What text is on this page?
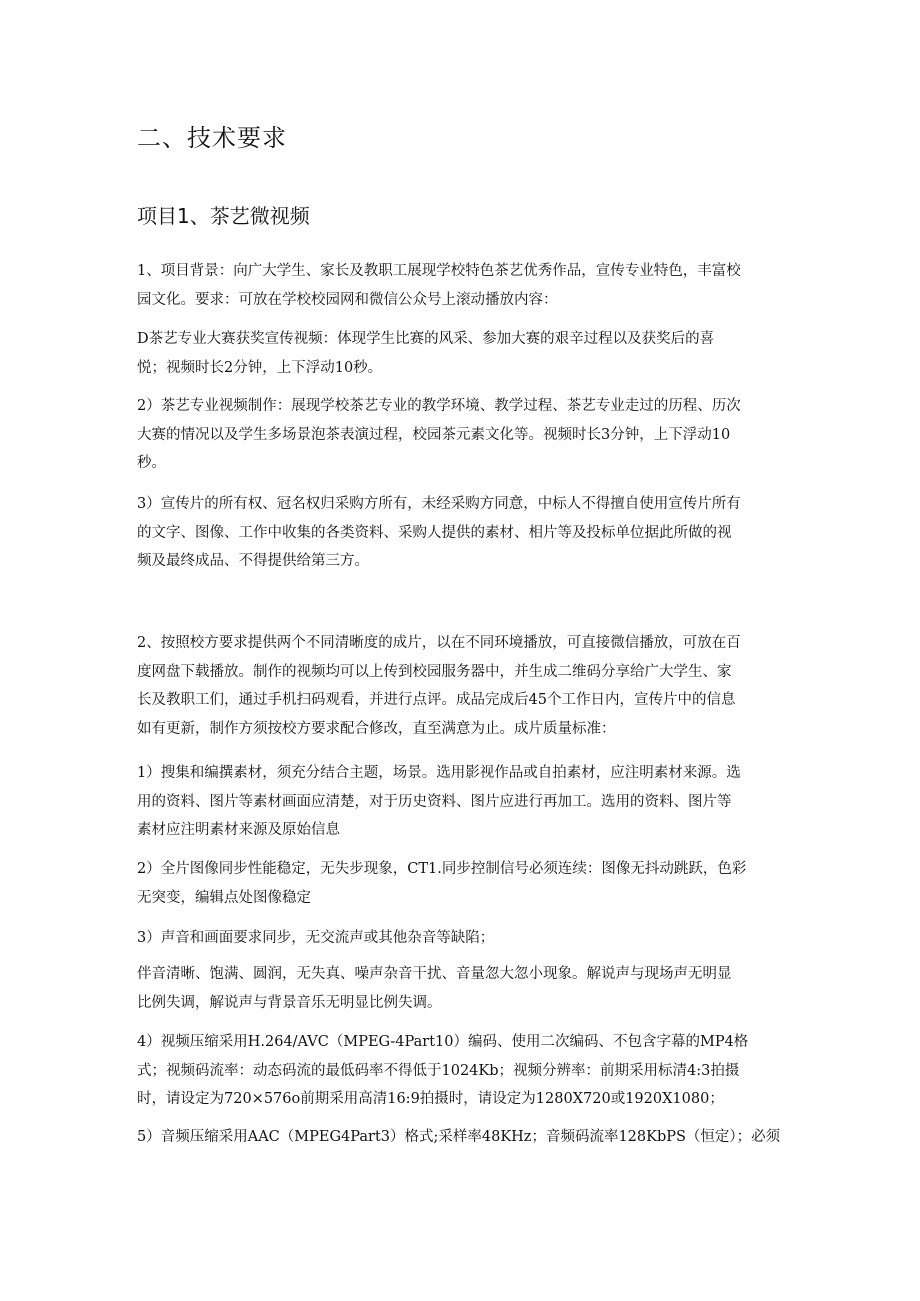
二、技术要求
项目1、茶艺微视频
1、项目背景：向广大学生、家长及教职工展现学校特色茶艺优秀作品，宣传专业特色，丰富校
园文化。要求：可放在学校校园网和微信公众号上滚动播放内容：
D茶艺专业大赛获奖宣传视频：体现学生比赛的风采、参加大赛的艰辛过程以及获奖后的喜
悦；视频时长2分钟，上下浮动10秒。
2）茶艺专业视频制作：展现学校茶艺专业的教学环境、教学过程、茶艺专业走过的历程、历次
大赛的情况以及学生多场景泡茶表演过程，校园茶元素文化等。视频时长3分钟，上下浮动10
秒。
3）宣传片的所有权、冠名权归采购方所有，未经采购方同意，中标人不得擅自使用宣传片所有
的文字、图像、工作中收集的各类资料、采购人提供的素材、相片等及投标单位据此所做的视
频及最终成品、不得提供给第三方。
2、按照校方要求提供两个不同清晰度的成片，以在不同环境播放，可直接微信播放，可放在百
度网盘下载播放。制作的视频均可以上传到校园服务器中，并生成二维码分享给广大学生、家
长及教职工们，通过手机扫码观看，并进行点评。成品完成后45个工作日内，宣传片中的信息
如有更新，制作方须按校方要求配合修改，直至满意为止。成片质量标准：
1）搜集和编撰素材，须充分结合主题，场景。选用影视作品或自拍素材，应注明素材来源。选
用的资料、图片等素材画面应清楚，对于历史资料、图片应进行再加工。选用的资料、图片等
素材应注明素材来源及原始信息
2）全片图像同步性能稳定，无失步现象，CT1.同步控制信号必须连续：图像无抖动跳跃，色彩
无突变，编辑点处图像稳定
3）声音和画面要求同步，无交流声或其他杂音等缺陷；
伴音清晰、饱满、圆润，无失真、噪声杂音干扰、音量忽大忽小现象。解说声与现场声无明显
比例失调，解说声与背景音乐无明显比例失调。
4）视频压缩采用H.264/AVC（MPEG-4Part10）编码、使用二次编码、不包含字幕的MP4格
式；视频码流率：动态码流的最低码率不得低于1024Kb；视频分辨率：前期采用标清4:3拍摄
时，请设定为720×576o前期采用高清16:9拍摄时，请设定为1280X720或1920X1080；
5）音频压缩采用AAC（MPEG4Part3）格式;采样率48KHz；音频码流率128KbPS（恒定）；必须
